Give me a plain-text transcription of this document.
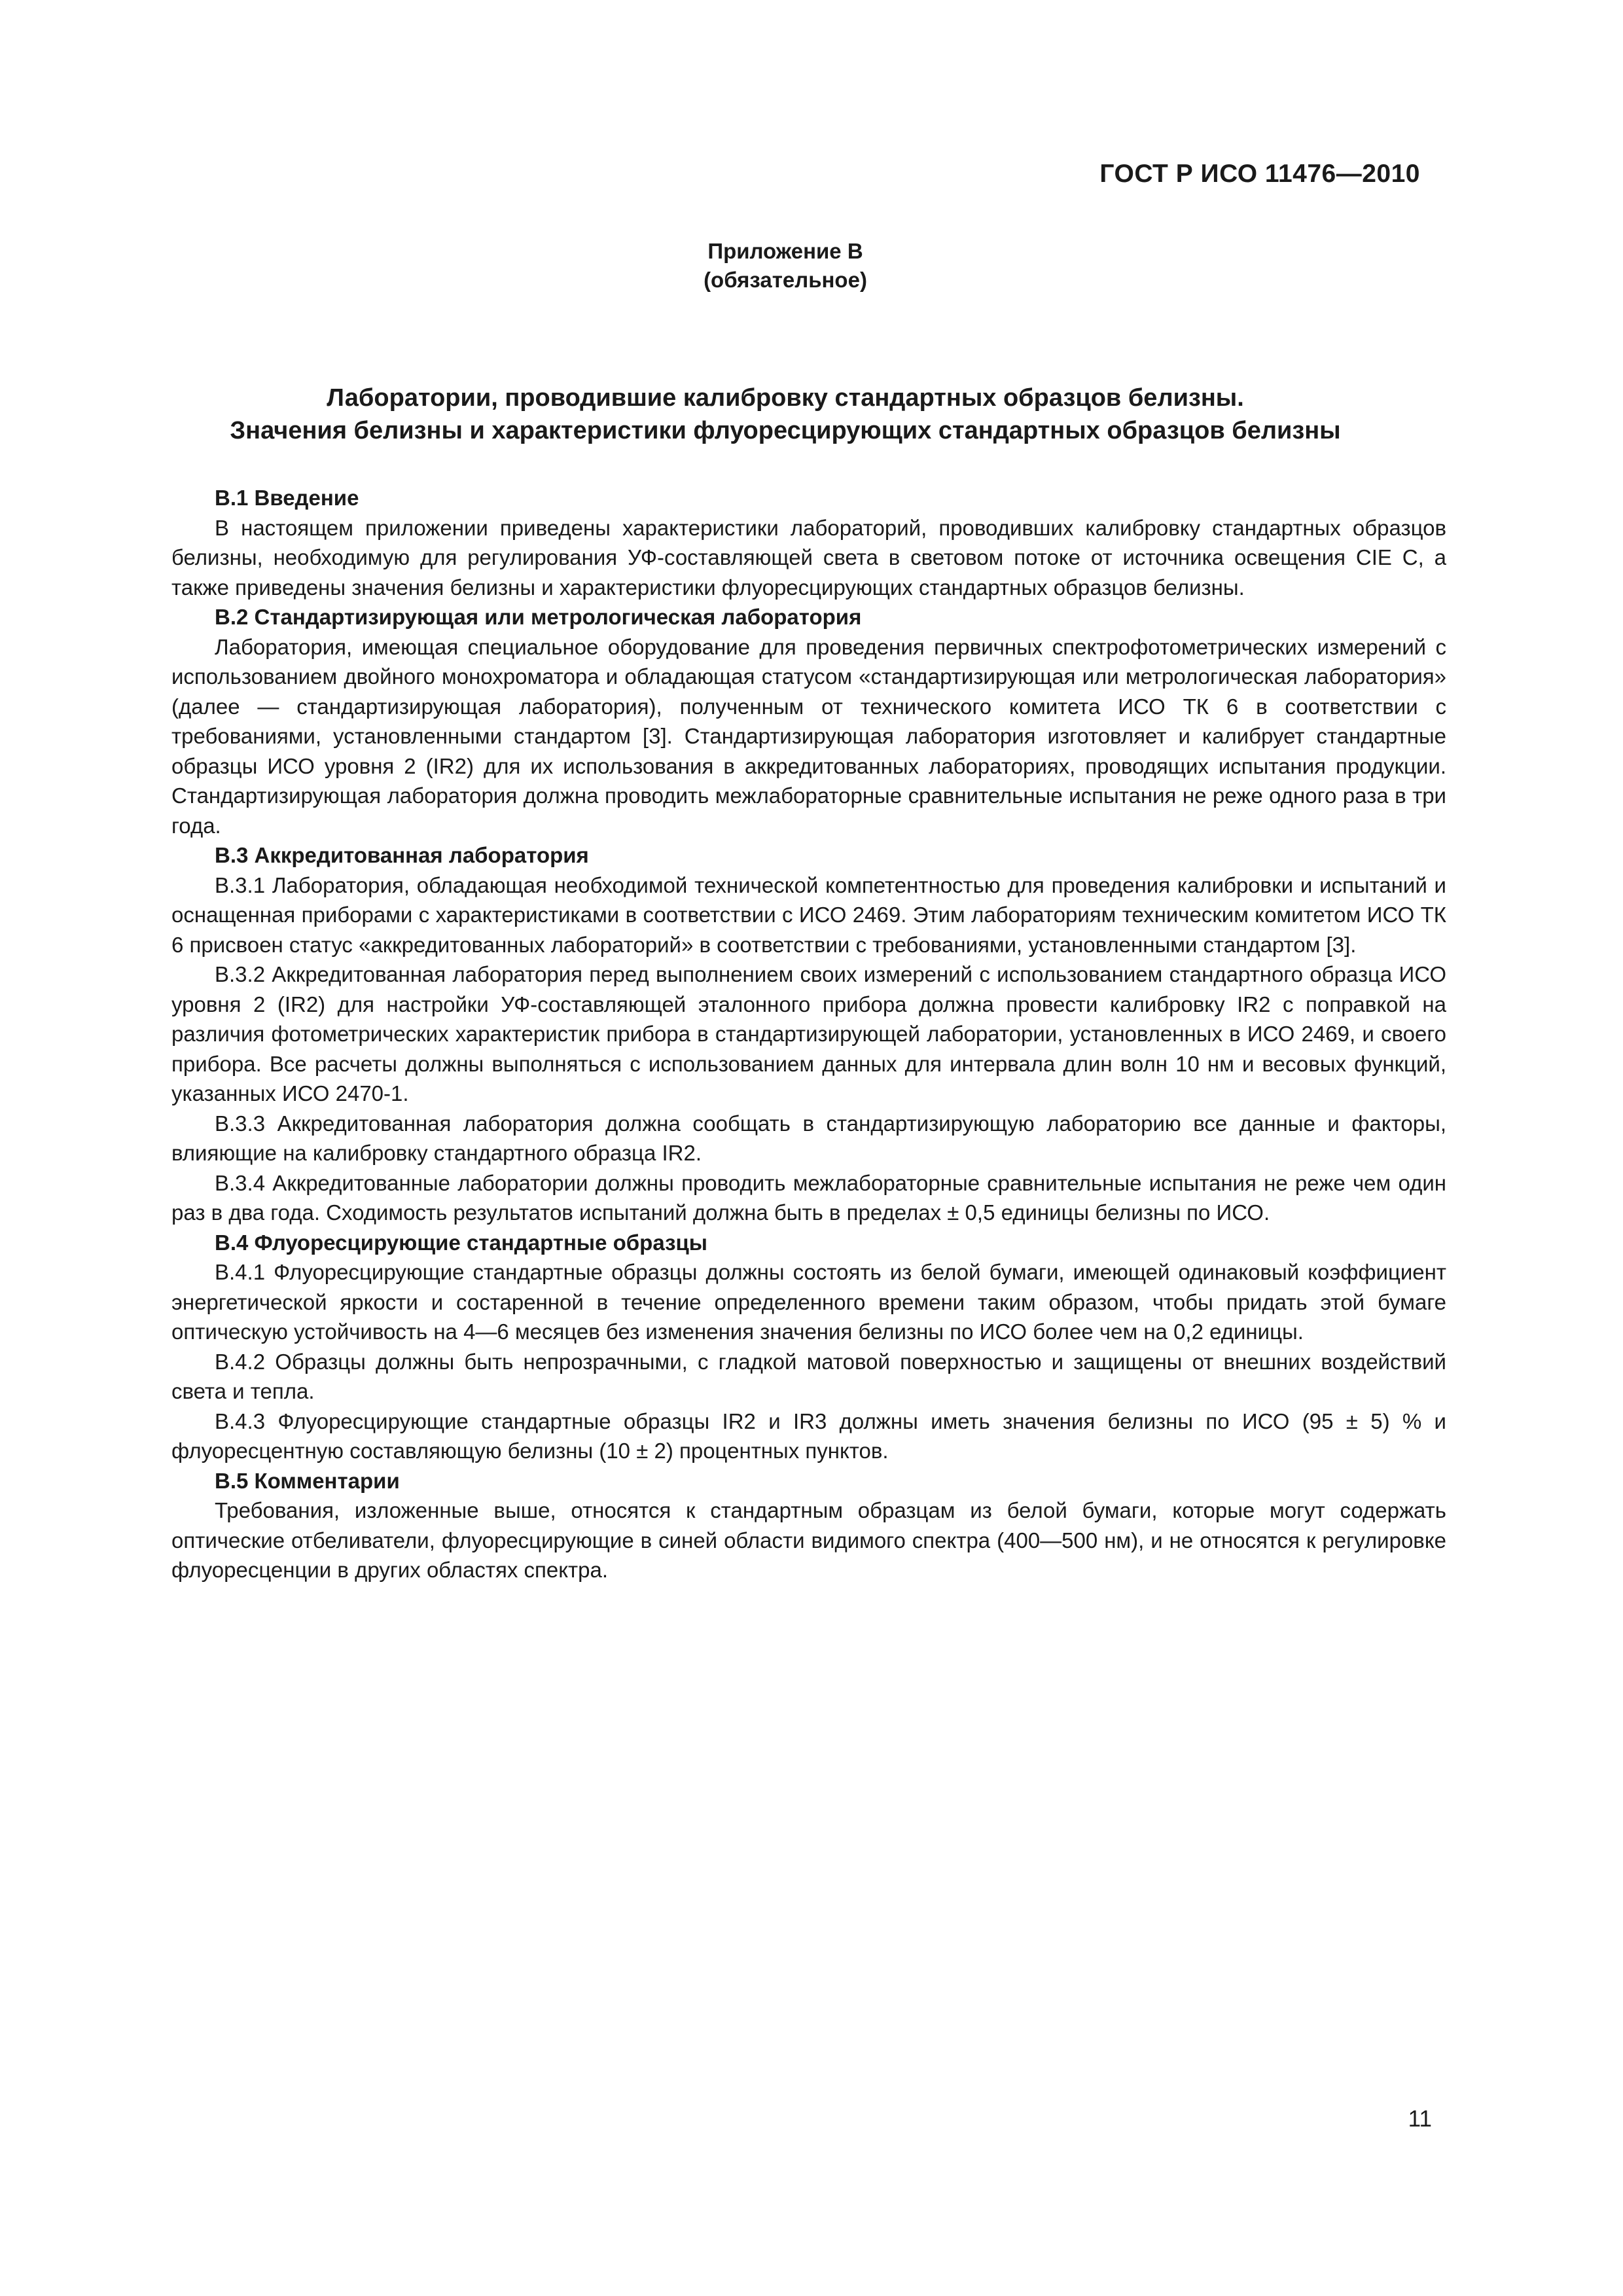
ГОСТ Р ИСО 11476—2010
Приложение В
(обязательное)
Лаборатории, проводившие калибровку стандартных образцов белизны.
Значения белизны и характеристики флуоресцирующих стандартных образцов белизны

В.1 Введение

В настоящем приложении приведены характеристики лабораторий, проводивших калибровку стандартных образцов белизны, необходимую для регулирования УФ-составляющей света в световом потоке от источника освещения CIE С, а также приведены значения белизны и характеристики флуоресцирующих стандартных образцов белизны.

В.2 Стандартизирующая или метрологическая лаборатория

Лаборатория, имеющая специальное оборудование для проведения первичных спектрофотометрических измерений с использованием двойного монохроматора и обладающая статусом «стандартизирующая или метрологическая лаборатория» (далее — стандартизирующая лаборатория), полученным от технического комитета ИСО ТК 6 в соответствии с требованиями, установленными стандартом [3]. Стандартизирующая лаборатория изготовляет и калибрует стандартные образцы ИСО уровня 2 (IR2) для их использования в аккредитованных лабораториях, проводящих испытания продукции. Стандартизирующая лаборатория должна проводить межлабораторные сравнительные испытания не реже одного раза в три года.

В.3 Аккредитованная лаборатория

В.3.1 Лаборатория, обладающая необходимой технической компетентностью для проведения калибровки и испытаний и оснащенная приборами с характеристиками в соответствии с ИСО 2469. Этим лабораториям техническим комитетом ИСО ТК 6 присвоен статус «аккредитованных лабораторий» в соответствии с требованиями, установленными стандартом [3].

В.3.2 Аккредитованная лаборатория перед выполнением своих измерений с использованием стандартного образца ИСО уровня 2 (IR2) для настройки УФ-составляющей эталонного прибора должна провести калибровку IR2 с поправкой на различия фотометрических характеристик прибора в стандартизирующей лаборатории, установленных в ИСО 2469, и своего прибора. Все расчеты должны выполняться с использованием данных для интервала длин волн 10 нм и весовых функций, указанных ИСО 2470-1.

В.3.3 Аккредитованная лаборатория должна сообщать в стандартизирующую лабораторию все данные и факторы, влияющие на калибровку стандартного образца IR2.

В.3.4 Аккредитованные лаборатории должны проводить межлабораторные сравнительные испытания не реже чем один раз в два года. Сходимость результатов испытаний должна быть в пределах ± 0,5 единицы белизны по ИСО.

В.4 Флуоресцирующие стандартные образцы

В.4.1 Флуоресцирующие стандартные образцы должны состоять из белой бумаги, имеющей одинаковый коэффициент энергетической яркости и состаренной в течение определенного времени таким образом, чтобы придать этой бумаге оптическую устойчивость на 4—6 месяцев без изменения значения белизны по ИСО более чем на 0,2 единицы.

В.4.2 Образцы должны быть непрозрачными, с гладкой матовой поверхностью и защищены от внешних воздействий света и тепла.

В.4.3 Флуоресцирующие стандартные образцы IR2 и IR3 должны иметь значения белизны по ИСО (95 ± 5) % и флуоресцентную составляющую белизны (10 ± 2) процентных пунктов.

В.5 Комментарии

Требования, изложенные выше, относятся к стандартным образцам из белой бумаги, которые могут содержать оптические отбеливатели, флуоресцирующие в синей области видимого спектра (400—500 нм), и не относятся к регулировке флуоресценции в других областях спектра.

11
